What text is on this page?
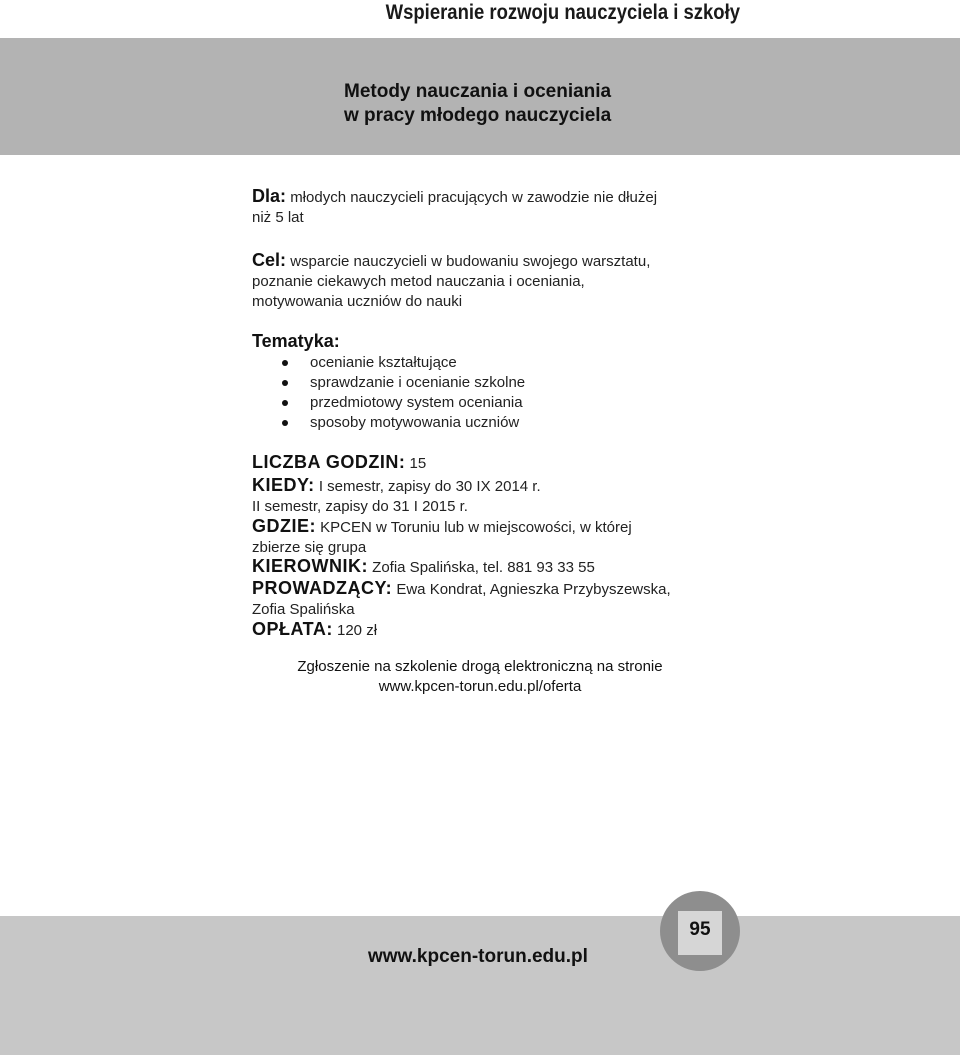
Wspieranie rozwoju nauczyciela i szkoły
Metody nauczania i oceniania
w pracy młodego nauczyciela
Dla: młodych nauczycieli pracujących w zawodzie nie dłużej
niż 5 lat
Cel: wsparcie nauczycieli w budowaniu swojego warsztatu,
poznanie ciekawych metod nauczania i oceniania,
motywowania uczniów do nauki
Tematyka:
ocenianie kształtujące
sprawdzanie i ocenianie szkolne
przedmiotowy system oceniania
sposoby motywowania uczniów
LICZBA GODZIN: 15
KIEDY: I semestr, zapisy do 30 IX 2014 r.
II semestr, zapisy do 31 I 2015 r.
GDZIE: KPCEN w Toruniu lub w miejscowości, w której
zbierze się grupa
KIEROWNIK: Zofia Spalińska, tel. 881 93 33 55
PROWADZĄCY: Ewa Kondrat, Agnieszka Przybyszewska,
Zofia Spalińska
OPŁATA: 120 zł
Zgłoszenie na szkolenie drogą elektroniczną na stronie
www.kpcen-torun.edu.pl/oferta
www.kpcen-torun.edu.pl
95
